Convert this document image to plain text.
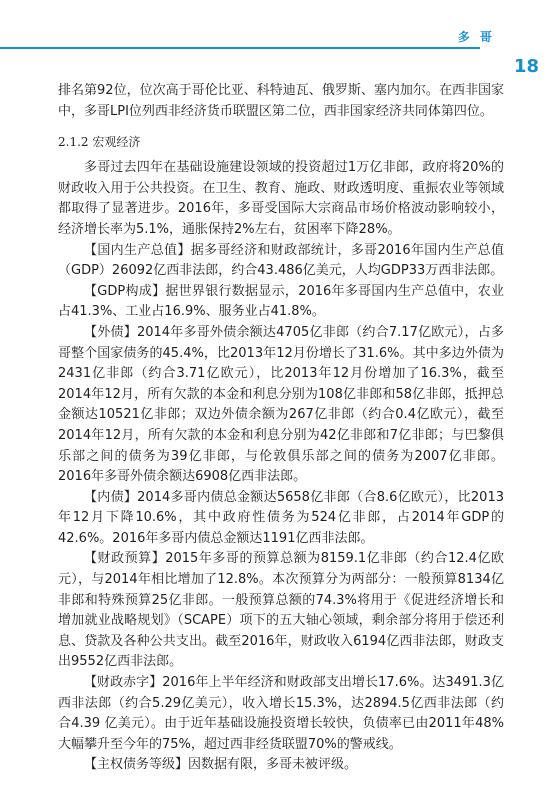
多 哥
18

排名第92位，位次高于哥伦比亚、科特迪瓦、俄罗斯、塞内加尔。在西非国家中，多哥LPI位列西非经济货币联盟区第二位，西非国家经济共同体第四位。

2.1.2 宏观经济

多哥过去四年在基础设施建设领域的投资超过1万亿非郎，政府将20%的财政收入用于公共投资。在卫生、教育、施政、财政透明度、重振农业等领域都取得了显著进步。2016年，多哥受国际大宗商品市场价格波动影响较小，经济增长率为5.1%，通胀保持2%左右，贫困率下降28%。

【国内生产总值】据多哥经济和财政部统计，多哥2016年国内生产总值（GDP）26092亿西非法郎，约合43.486亿美元，人均GDP33万西非法郎。

【GDP构成】据世界银行数据显示，2016年多哥国内生产总值中，农业占41.3%、工业占16.9%、服务业占41.8%。

【外债】2014年多哥外债余额达4705亿非郎（约合7.17亿欧元），占多哥整个国家债务的45.4%，比2013年12月份增长了31.6%。其中多边外债为2431亿非郎（约合3.71亿欧元），比2013年12月份增加了16.3%，截至2014年12月，所有欠款的本金和利息分别为108亿非郎和58亿非郎，抵押总金额达10521亿非郎；双边外债余额为267亿非郎（约合0.4亿欧元），截至2014年12月，所有欠款的本金和利息分别为42亿非郎和7亿非郎；与巴黎俱乐部之间的债务为39亿非郎，与伦敦俱乐部之间的债务为2007亿非郎。2016年多哥外债余额达6908亿西非法郎。

【内债】2014多哥内债总金额达5658亿非郎（合8.6亿欧元），比2013年12月下降10.6%，其中政府性债务为524亿非郎，占2014年GDP的42.6%。2016年多哥内债总金额达1191亿西非法郎。

【财政预算】2015年多哥的预算总额为8159.1亿非郎（约合12.4亿欧元），与2014年相比增加了12.8%。本次预算分为两部分：一般预算8134亿非郎和特殊预算25亿非郎。一般预算总额的74.3%将用于《促进经济增长和增加就业战略规划》（SCAPE）项下的五大轴心领域，剩余部分将用于偿还利息、贷款及各种公共支出。截至2016年，财政收入6194亿西非法郎，财政支出9552亿西非法郎。

【财政赤字】2016年上半年经济和财政部支出增长17.6%。达3491.3亿西非法郎（约合5.29亿美元），收入增长15.3%，达2894.5亿西非法郎（约合4.39 亿美元）。由于近年基础设施投资增长较快，负债率已由2011年48%大幅攀升至今年的75%，超过西非经货联盟70%的警戒线。

【主权债务等级】因数据有限，多哥未被评级。
